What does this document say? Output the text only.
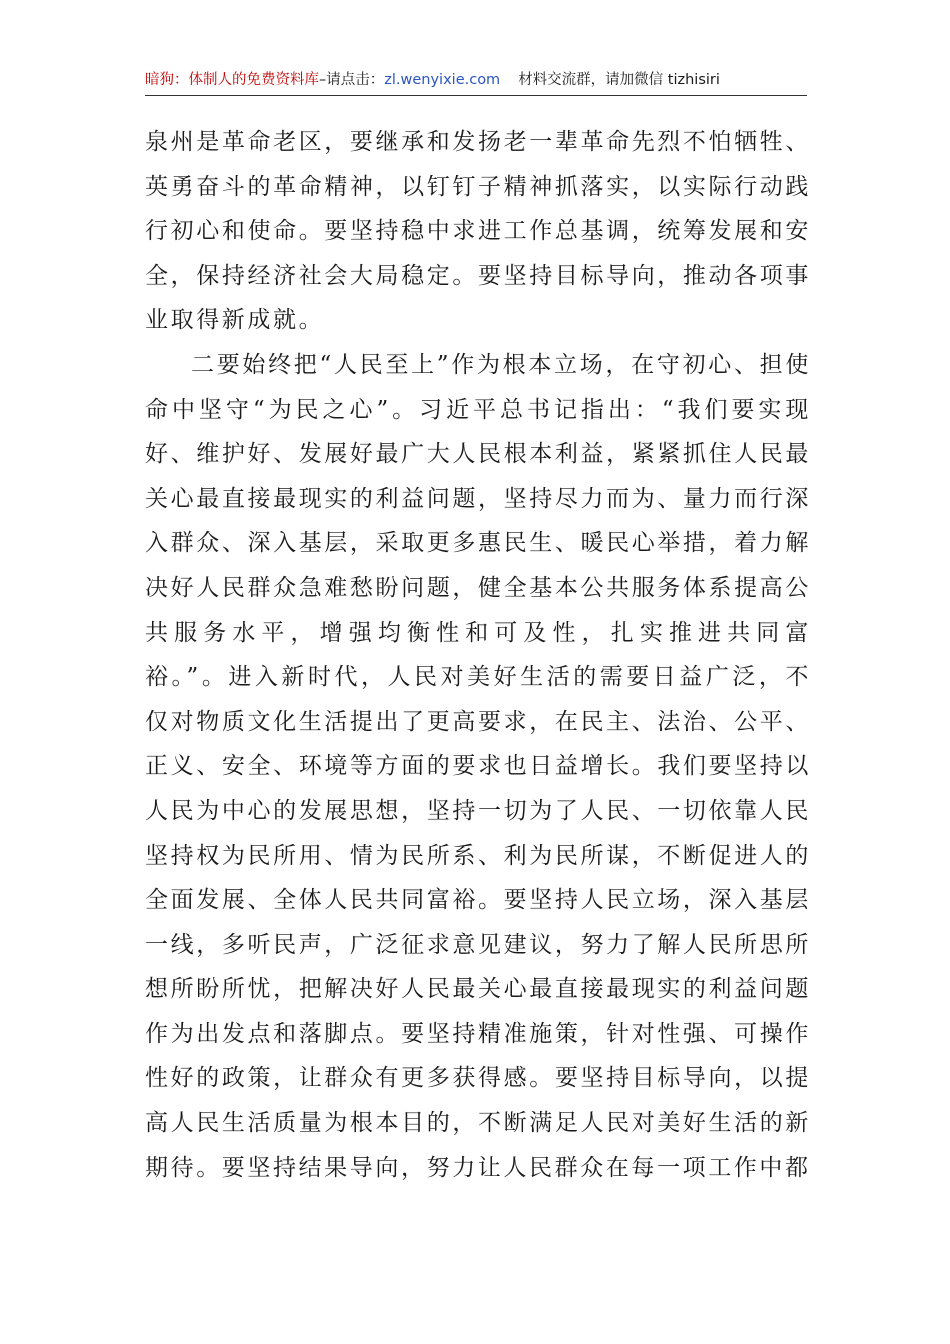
暗狗：体制人的免费资料库–请点击：zl.wenyixie.com 材料交流群，请加微信 tizhisiri

泉州是革命老区，要继承和发扬老一辈革命先烈不怕牺牲、英勇奋斗的革命精神，以钉钉子精神抓落实，以实际行动践行初心和使命。要坚持稳中求进工作总基调，统筹发展和安全，保持经济社会大局稳定。要坚持目标导向，推动各项事业取得新成就。

二要始终把“人民至上”作为根本立场，在守初心、担使命中坚守“为民之心”。习近平总书记指出：“我们要实现好、维护好、发展好最广大人民根本利益，紧紧抓住人民最关心最直接最现实的利益问题，坚持尽力而为、量力而行深入群众、深入基层，采取更多惠民生、暖民心举措，着力解决好人民群众急难愁盼问题，健全基本公共服务体系提高公共服务水平，增强均衡性和可及性，扎实推进共同富裕。”。进入新时代，人民对美好生活的需要日益广泛，不仅对物质文化生活提出了更高要求，在民主、法治、公平、正义、安全、环境等方面的要求也日益增长。我们要坚持以人民为中心的发展思想，坚持一切为了人民、一切依靠人民坚持权为民所用、情为民所系、利为民所谋，不断促进人的全面发展、全体人民共同富裕。要坚持人民立场，深入基层一线，多听民声，广泛征求意见建议，努力了解人民所思所想所盼所忧，把解决好人民最关心最直接最现实的利益问题作为出发点和落脚点。要坚持精准施策，针对性强、可操作性好的政策，让群众有更多获得感。要坚持目标导向，以提高人民生活质量为根本目的，不断满足人民对美好生活的新期待。要坚持结果导向，努力让人民群众在每一项工作中都
